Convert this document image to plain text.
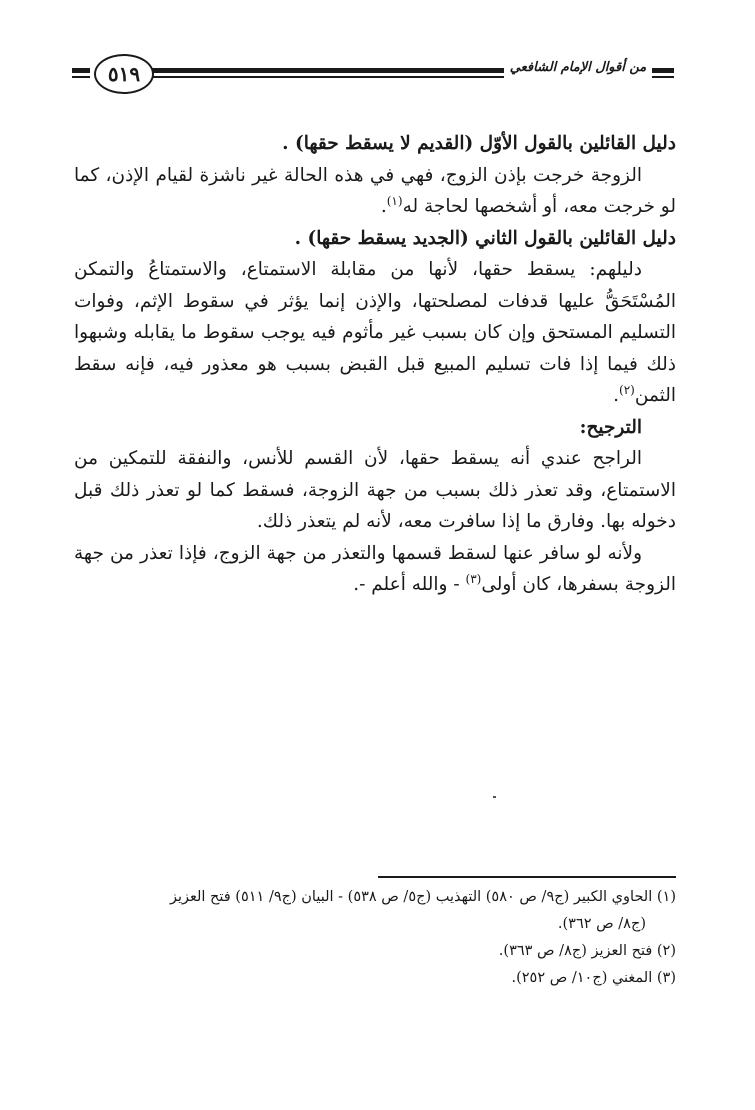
٥١٩	من أقوال الإمام الشافعي

دليل القائلين بالقول الأوّل (القديم لا يسقط حقها) .

الزوجة خرجت بإذن الزوج، فهي في هذه الحالة غير ناشزة لقيام الإذن، كما لو خرجت معه، أو أشخصها لحاجة له$^{(١)}$.

دليل القائلين بالقول الثاني (الجديد يسقط حقها) .

دليلهم: يسقط حقها، لأنها من مقابلة الاستمتاع، والاستمتاعُ والتمكن المُسْتَحَقُّ عليها قدفات لمصلحتها، والإذن إنما يؤثر في سقوط الإثم، وفوات التسليم المستحق وإن كان بسبب غير مأثوم فيه يوجب سقوط ما يقابله وشبهوا ذلك فيما إذا فات تسليم المبيع قبل القبض بسبب هو معذور فيه، فإنه سقط الثمن$^{(٢)}$.

الترجيح:

الراجح عندي أنه يسقط حقها، لأن القسم للأنس، والنفقة للتمكين من الاستمتاع، وقد تعذر ذلك بسبب من جهة الزوجة، فسقط كما لو تعذر ذلك قبل دخوله بها. وفارق ما إذا سافرت معه، لأنه لم يتعذر ذلك.

ولأنه لو سافر عنها لسقط قسمها والتعذر من جهة الزوج، فإذا تعذر من جهة الزوجة بسفرها، كان أولى$^{(٣)}$ - والله أعلم -.

(١) الحاوي الكبير (ج٩/ ص ٥٨٠) التهذيب (ج٥/ ص ٥٣٨) - البيان (ج٩/ ٥١١) فتح العزيز

(ج٨/ ص ٣٦٢).

(٢) فتح العزيز (ج٨/ ص ٣٦٣).

(٣) المغني (ج١٠/ ص ٢٥٢).
